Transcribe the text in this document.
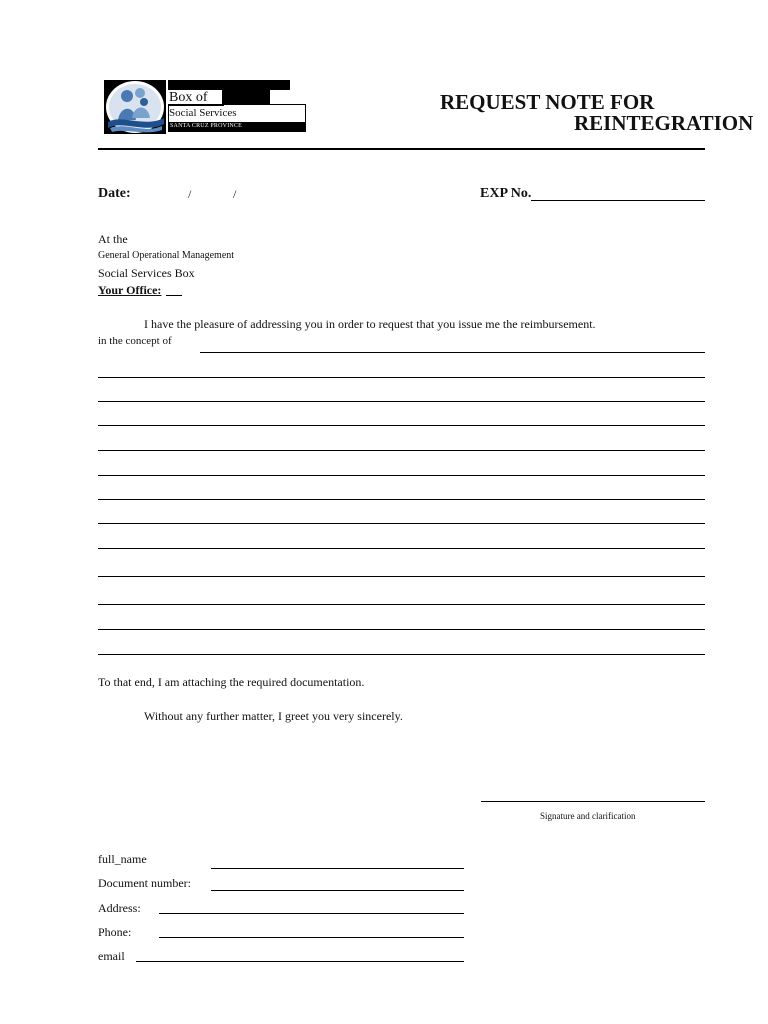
Box of
Social Services
SANTA CRUZ PROVINCE
REQUEST NOTE FOR
REINTEGRATION
Date:	/	/	EXP No.
At the
General Operational Management
Social Services Box
Your Office:
I have the pleasure of addressing you in order to request that you issue me the reimbursement.
in the concept of
To that end, I am attaching the required documentation.
Without any further matter, I greet you very sincerely.
Signature and clarification
full_name
Document number:
Address:
Phone:
email
